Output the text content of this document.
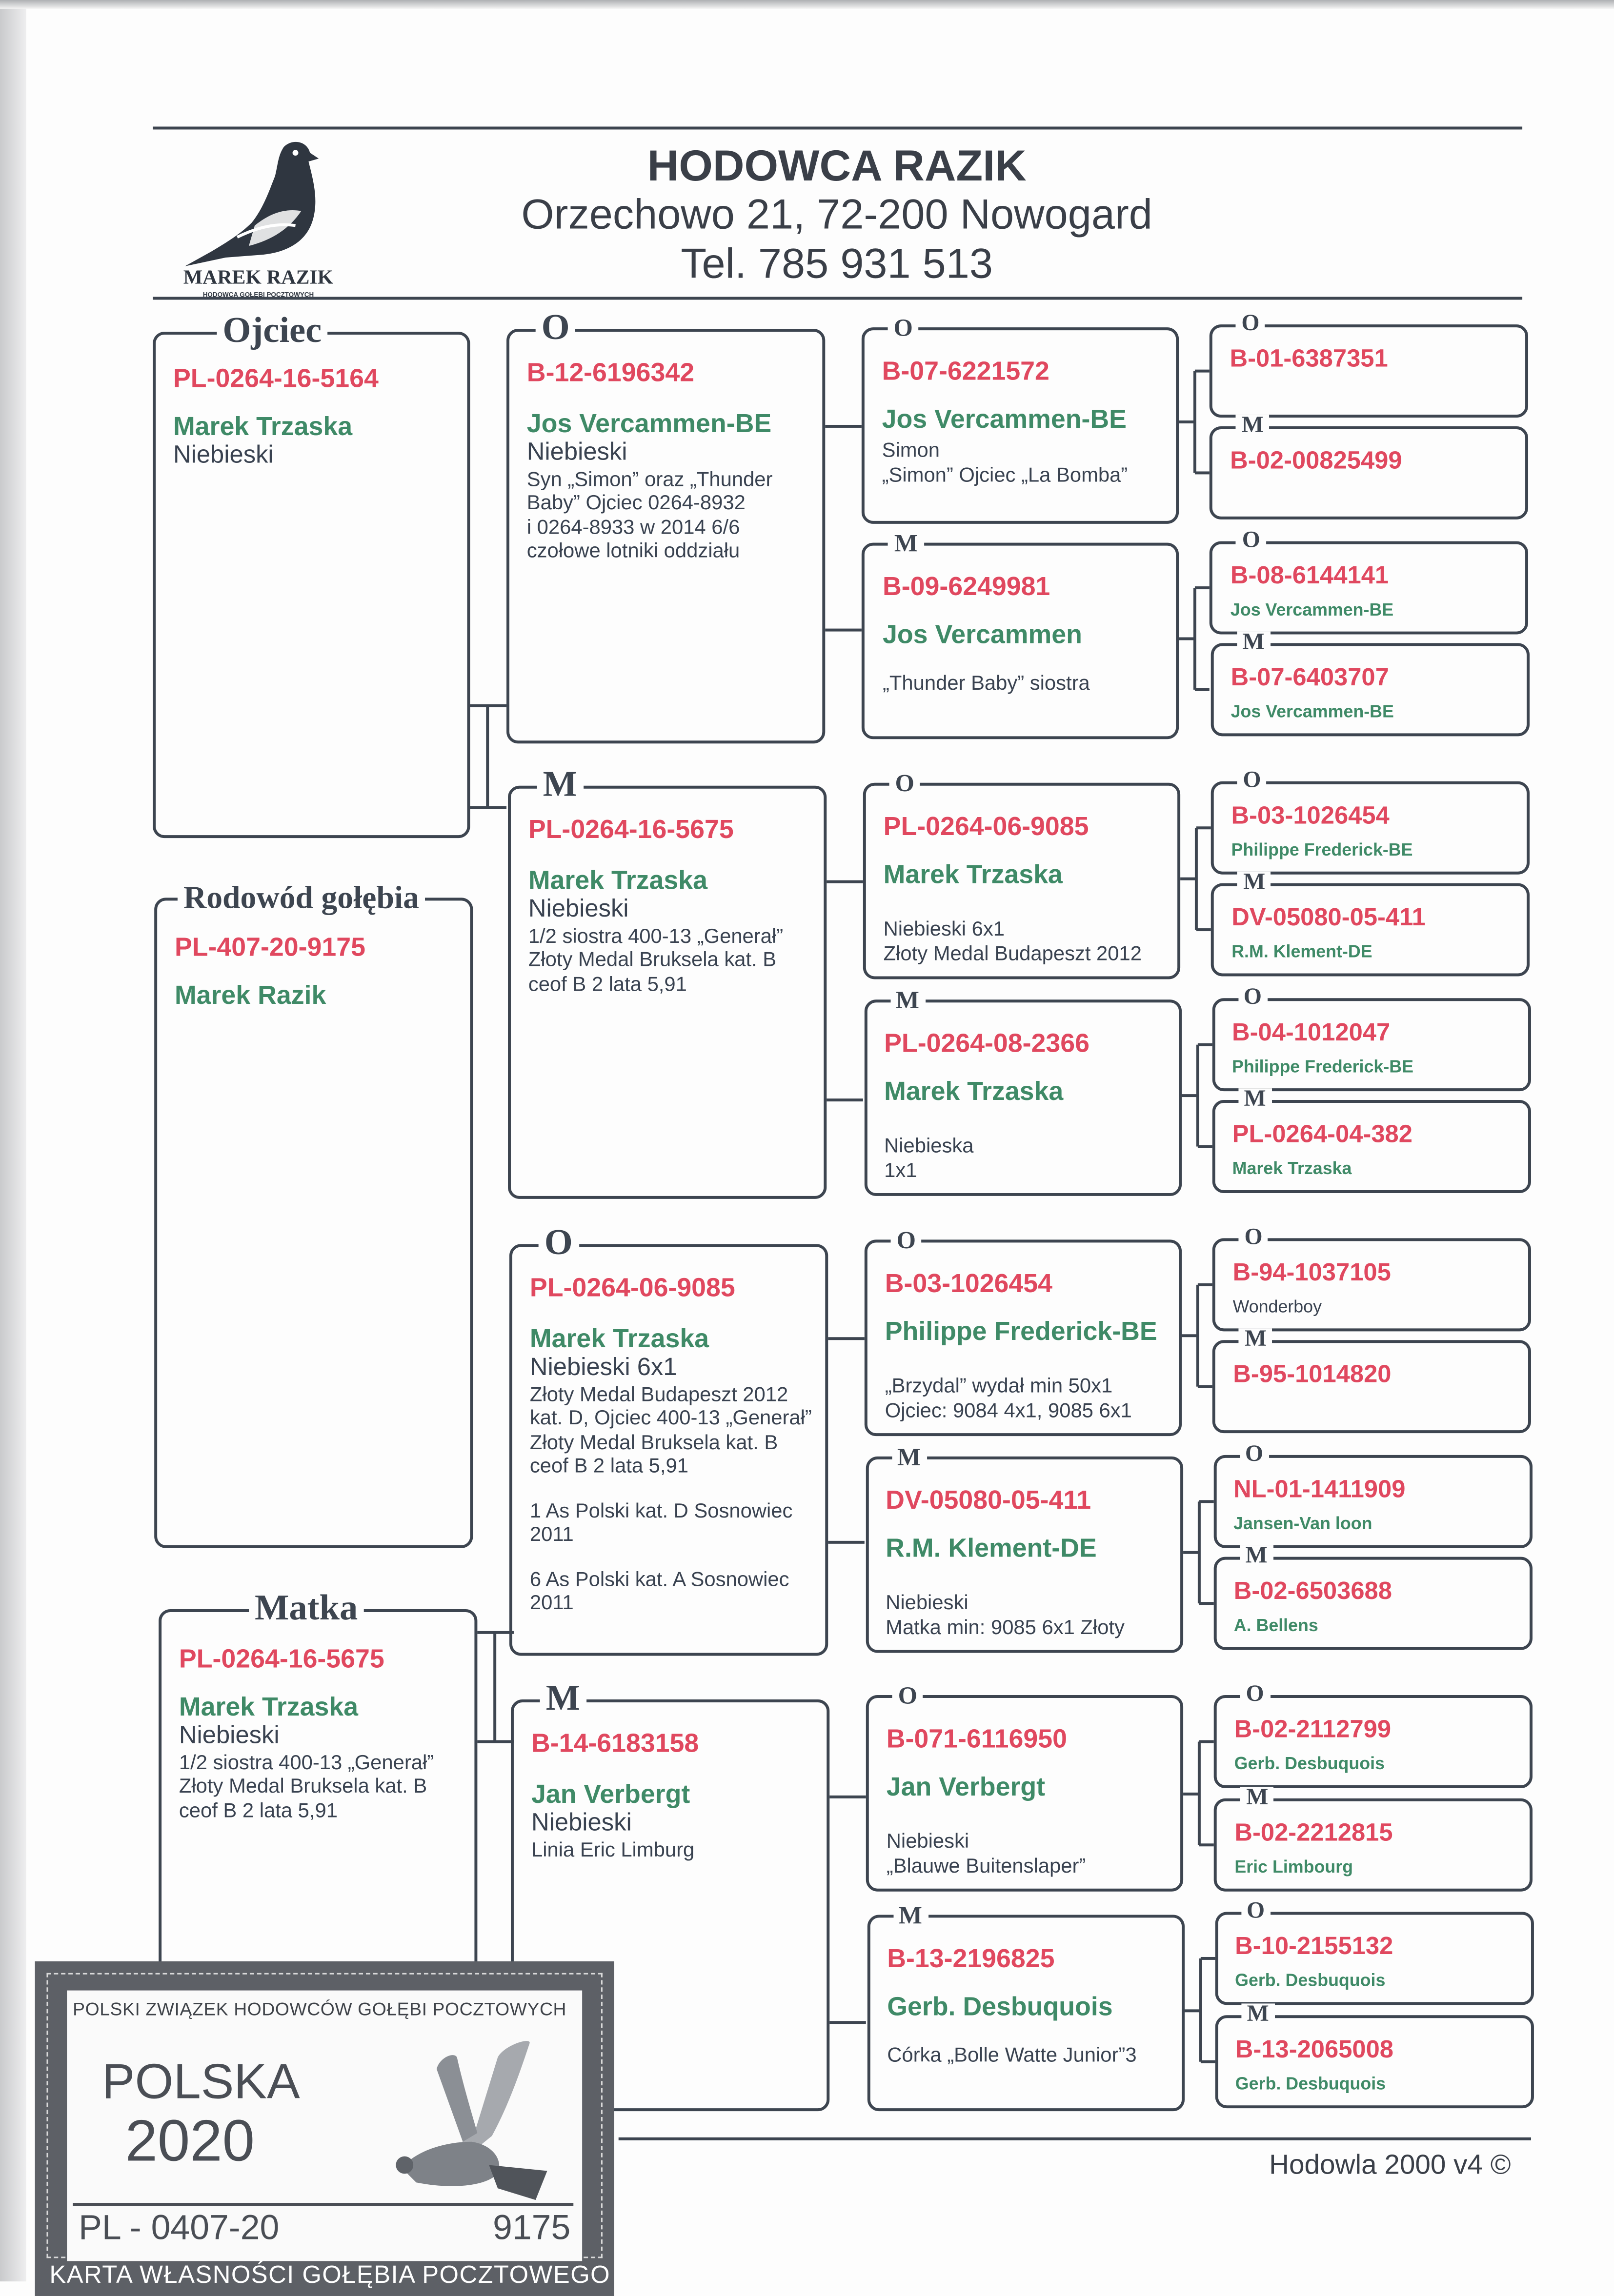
MAREK RAZIK
HODOWCA GOŁĘBI POCZTOWYCH
HODOWCA RAZIK
Orzechowo 21, 72-200 Nowogard
Tel. 785 931 513
Ojciec
PL-0264-16-5164
Marek Trzaska
Niebieski
Rodowód gołębia
PL-407-20-9175
Marek Razik
Matka
PL-0264-16-5675
Marek Trzaska
Niebieski
1/2 siostra 400-13 „Generał”
Złoty Medal Bruksela kat. B
ceof B 2 lata 5,91
O
B-12-6196342
Jos Vercammen-BE
Niebieski
Syn „Simon” oraz „Thunder
Baby” Ojciec 0264-8932
i 0264-8933 w 2014 6/6
czołowe lotniki oddziału
M
PL-0264-16-5675
Marek Trzaska
Niebieski
1/2 siostra 400-13 „Generał”
Złoty Medal Bruksela kat. B
ceof B 2 lata 5,91
O
PL-0264-06-9085
Marek Trzaska
Niebieski 6x1
Złoty Medal Budapeszt 2012
kat. D, Ojciec 400-13 „Generał”
Złoty Medal Bruksela kat. B
ceof B 2 lata 5,91
1 As Polski kat. D Sosnowiec
2011
6 As Polski kat. A Sosnowiec
2011
M
B-14-6183158
Jan Verbergt
Niebieski
Linia Eric Limburg
O
B-07-6221572
Jos Vercammen-BE
Simon
„Simon” Ojciec „La Bomba”
M
B-09-6249981
Jos Vercammen
„Thunder Baby” siostra
O
PL-0264-06-9085
Marek Trzaska
Niebieski 6x1
Złoty Medal Budapeszt 2012
M
PL-0264-08-2366
Marek Trzaska
Niebieska
1x1
O
B-03-1026454
Philippe Frederick-BE
„Brzydal” wydał min 50x1
Ojciec: 9084 4x1, 9085 6x1
M
DV-05080-05-411
R.M. Klement-DE
Niebieski
Matka min: 9085 6x1 Złoty
O
B-071-6116950
Jan Verbergt
Niebieski
„Blauwe Buitenslaper”
M
B-13-2196825
Gerb. Desbuquois
Córka „Bolle Watte Junior”3
O
B-01-6387351
M
B-02-00825499
O
B-08-6144141
Jos Vercammen-BE
M
B-07-6403707
Jos Vercammen-BE
O
B-03-1026454
Philippe Frederick-BE
M
DV-05080-05-411
R.M. Klement-DE
O
B-04-1012047
Philippe Frederick-BE
M
PL-0264-04-382
Marek Trzaska
O
B-94-1037105
Wonderboy
M
B-95-1014820
O
NL-01-1411909
Jansen-Van loon
M
B-02-6503688
A. Bellens
O
B-02-2112799
Gerb. Desbuquois
M
B-02-2212815
Eric Limbourg
O
B-10-2155132
Gerb. Desbuquois
M
B-13-2065008
Gerb. Desbuquois
Hodowla 2000 v4 ©
POLSKI ZWIĄZEK HODOWCÓW GOŁĘBI POCZTOWYCH
POLSKA
2020
PL - 0407-20	9175
KARTA WŁASNOŚCI GOŁĘBIA POCZTOWEGO
